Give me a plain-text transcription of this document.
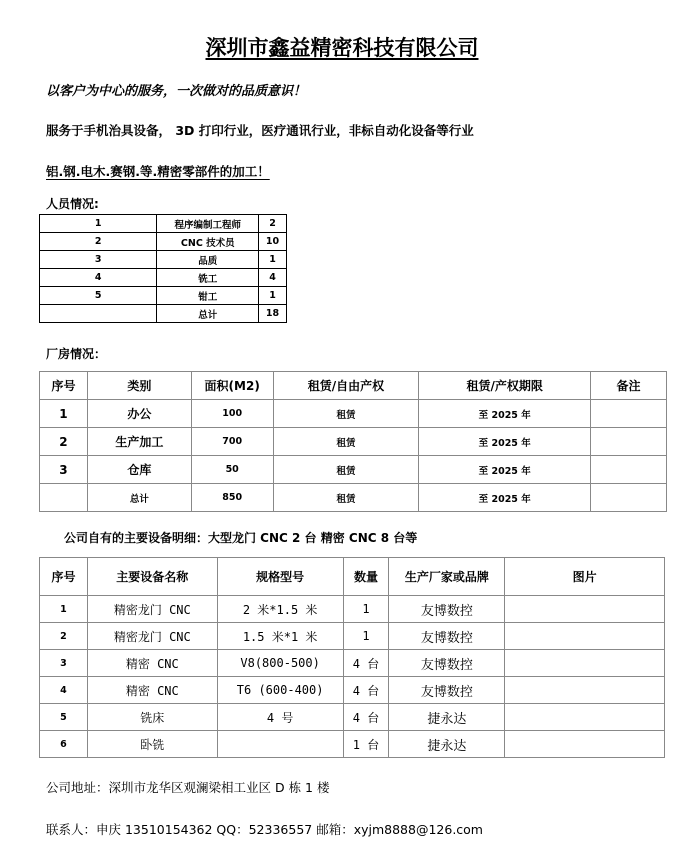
深圳市鑫益精密科技有限公司
以客户为中心的服务，一次做对的品质意识！
服务于手机治具设备， 3D 打印行业，医疗通讯行业，非标自动化设备等行业
铝.钢.电木.赛钢.等.精密零部件的加工！
人员情况:
1	程序编制工程师	2
2	CNC 技术员	10
3	品质	1
4	铣工	4
5	钳工	1
	总计	18
厂房情况：
序号	类别	面积(M2)	租赁/自由产权	租赁/产权期限	备注
1	办公	100	租赁	至 2025 年	
2	生产加工	700	租赁	至 2025 年	
3	仓库	50	租赁	至 2025 年	
	总计	850	租赁	至 2025 年	
公司自有的主要设备明细：大型龙门 CNC 2 台 精密 CNC 8 台等
序号	主要设备名称	规格型号	数量	生产厂家或品牌	图片
1	精密龙门 CNC	2 米*1.5 米	1	友博数控	
2	精密龙门 CNC	1.5 米*1 米	1	友博数控	
3	精密 CNC	V8(800-500)	4 台	友博数控	
4	精密 CNC	T6 (600-400)	4 台	友博数控	
5	铣床	4 号	4 台	捷永达	
6	卧铣		1 台	捷永达	
公司地址：深圳市龙华区观澜梁相工业区 D 栋 1 楼
联系人：申庆 13510154362 QQ：52336557 邮箱：xyjm8888@126.com
